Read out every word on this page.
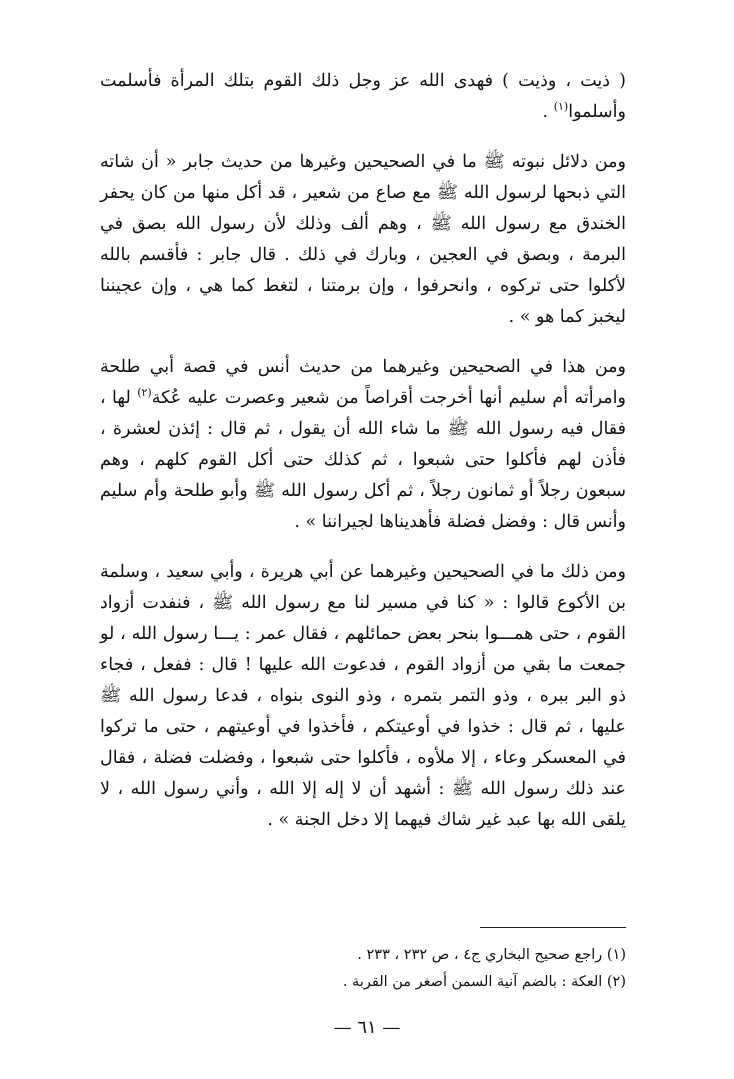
( ذيت ، وذيت ) فهدى الله عز وجل ذلك القوم بتلك المرأة فأسلمت وأسلموا$^{(١)}$ .

ومن دلائل نبوته ﷺ ما في الصحيحين وغيرها من حديث جابر « أن شاته التي ذبحها لرسول الله ﷺ مع صاع من شعير ، قد أكل منها من كان يحفر الخندق مع رسول الله ﷺ ، وهم ألف وذلك لأن رسول الله بصق في البرمة ، وبصق في العجين ، وبارك في ذلك . قال جابر : فأقسم بالله لأكلوا حتى تركوه ، وانحرفوا ، وإن برمتنا ، لتغط كما هي ، وإن عجيننا ليخبز كما هو » .

ومن هذا في الصحيحين وغيرهما من حديث أنس في قصة أبي طلحة وامرأته أم سليم أنها أخرجت أقراصاً من شعير وعصرت عليه عُكة$^{(٢)}$ لها ، فقال فيه رسول الله ﷺ ما شاء الله أن يقول ، ثم قال : إئذن لعشرة ، فأذن لهم فأكلوا حتى شبعوا ، ثم كذلك حتى أكل القوم كلهم ، وهم سبعون رجلاً أو ثمانون رجلاً ، ثم أكل رسول الله ﷺ وأبو طلحة وأم سليم وأنس قال : وفضل فضلة فأهديناها لجيراننا » .

ومن ذلك ما في الصحيحين وغيرهما عن أبي هريرة ، وأبي سعيد ، وسلمة بن الأكوع قالوا : « كنا في مسير لنا مع رسول الله ﷺ ، فنفدت أزواد القوم ، حتى همـــوا بنحر بعض حمائلهم ، فقال عمر : يـــا رسول الله ، لو جمعت ما بقي من أزواد القوم ، فدعوت الله عليها ! قال : ففعل ، فجاء ذو البر ببره ، وذو التمر بتمره ، وذو النوى بنواه ، فدعا رسول الله ﷺ عليها ، ثم قال : خذوا في أوعيتكم ، فأخذوا في أوعيتهم ، حتى ما تركوا في المعسكر وعاء ، إلا ملأوه ، فأكلوا حتى شبعوا ، وفضلت فضلة ، فقال عند ذلك رسول الله ﷺ : أشهد أن لا إله إلا الله ، وأني رسول الله ، لا يلقى الله بها عبد غير شاك فيهما إلا دخل الجنة » .

(١) راجع صحيح البخاري ج٤ ، ص ٢٣٢ ، ٢٣٣ .
(٢) العكة : بالضم آنية السمن أصغر من القربة .
— ٦١ —
